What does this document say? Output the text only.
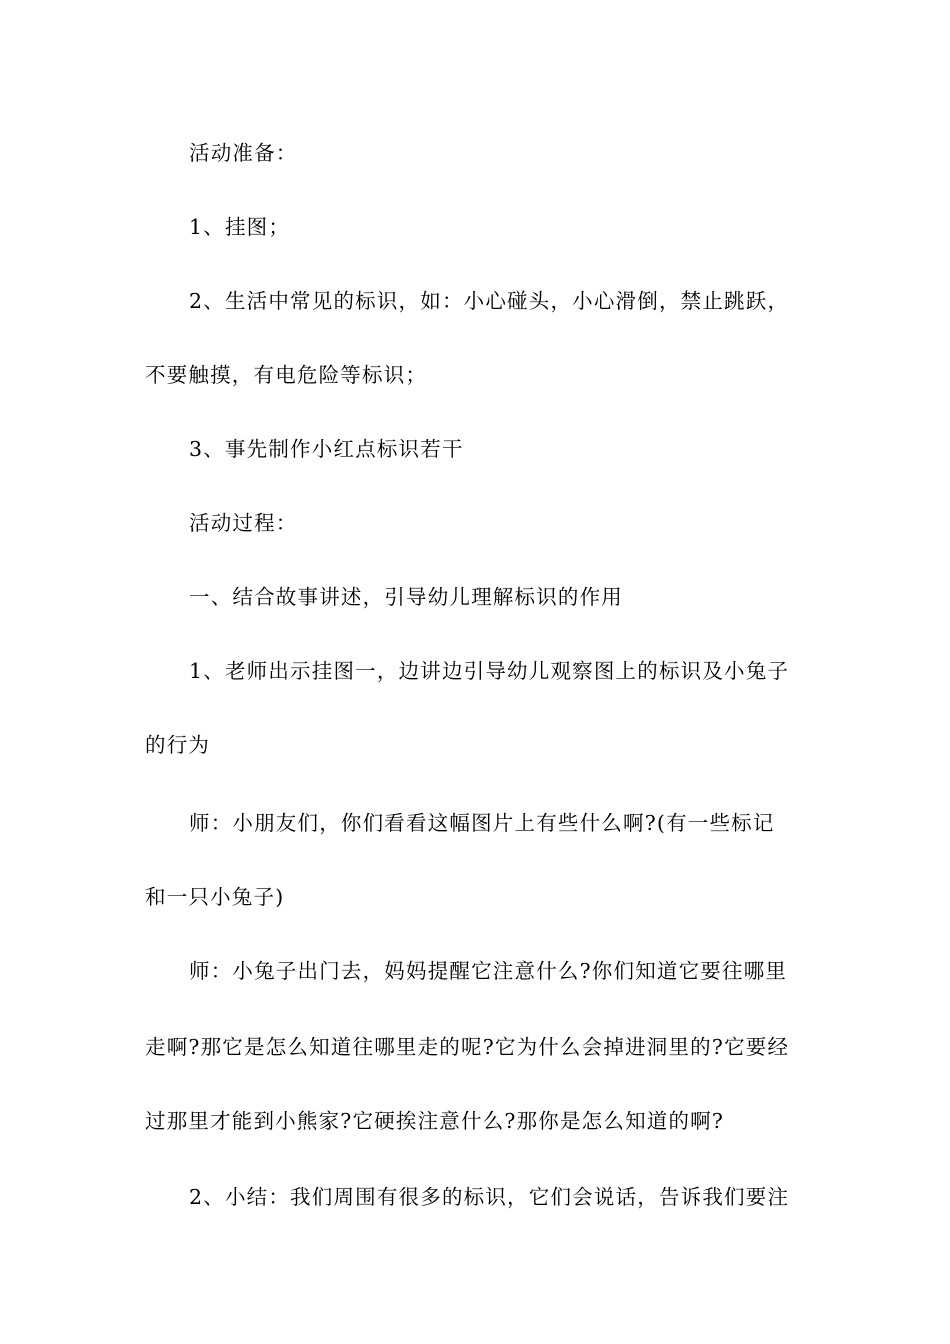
活动准备：
1、挂图；
2、生活中常见的标识，如：小心碰头，小心滑倒，禁止跳跃，
不要触摸，有电危险等标识；
3、事先制作小红点标识若干
活动过程：
一、结合故事讲述，引导幼儿理解标识的作用
1、老师出示挂图一，边讲边引导幼儿观察图上的标识及小兔子
的行为
师：小朋友们，你们看看这幅图片上有些什么啊?(有一些标记
和一只小兔子)
师：小兔子出门去，妈妈提醒它注意什么?你们知道它要往哪里
走啊?那它是怎么知道往哪里走的呢?它为什么会掉进洞里的?它要经
过那里才能到小熊家?它硬挨注意什么?那你是怎么知道的啊?
2、小结：我们周围有很多的标识，它们会说话，告诉我们要注
